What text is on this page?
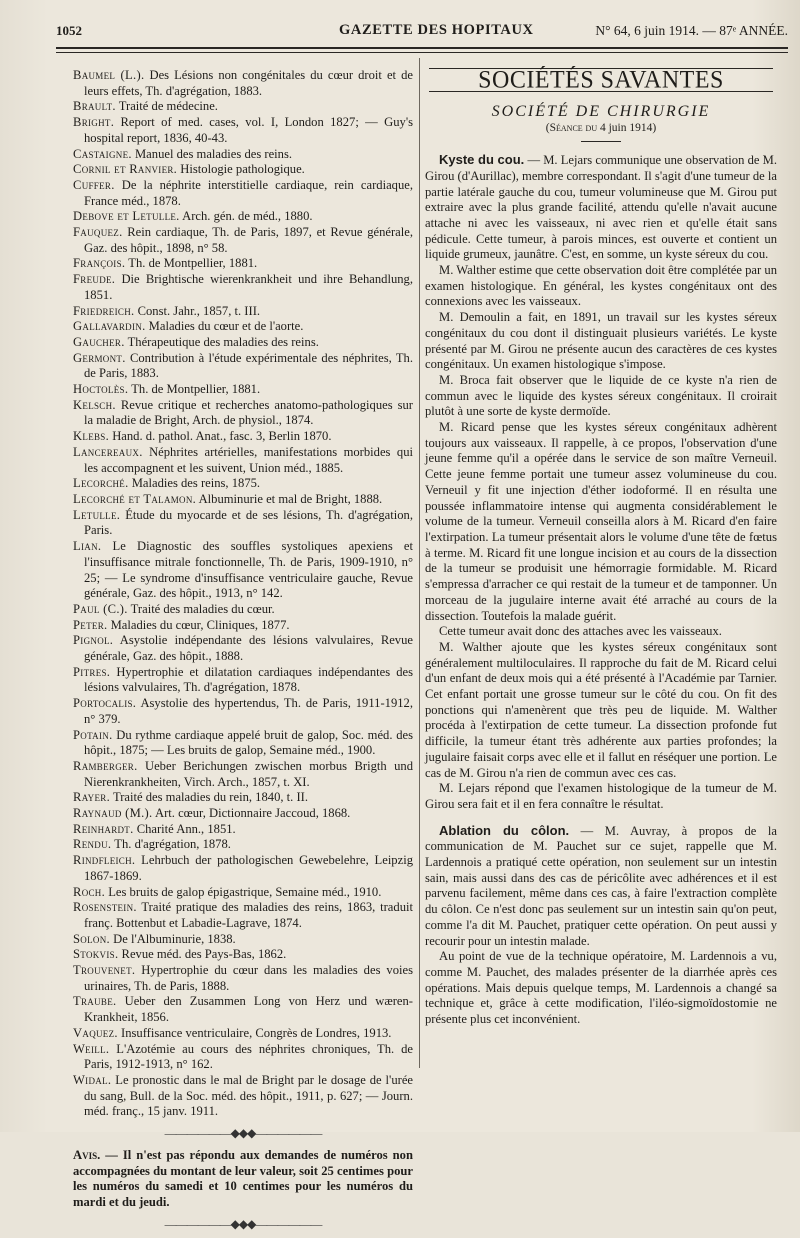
1052	GAZETTE DES HOPITAUX	N° 64, 6 juin 1914. — 87ᵉ ANNÉE.

Baumel (L.). Des Lésions non congénitales du cœur droit et de leurs effets, Th. d'agrégation, 1883.

Brault. Traité de médecine.

Bright. Report of med. cases, vol. I, London 1827; — Guy's hospital report, 1836, 40-43.

Castaigne. Manuel des maladies des reins.

Cornil et Ranvier. Histologie pathologique.

Cuffer. De la néphrite interstitielle cardiaque, rein cardiaque, France méd., 1878.

Debove et Letulle. Arch. gén. de méd., 1880.

Fauquez. Rein cardiaque, Th. de Paris, 1897, et Revue générale, Gaz. des hôpit., 1898, n° 58.

François. Th. de Montpellier, 1881.

Freude. Die Brightische wierenkrankheit und ihre Behandlung, 1851.

Friedreich. Const. Jahr., 1857, t. III.

Gallavardin. Maladies du cœur et de l'aorte.

Gaucher. Thérapeutique des maladies des reins.

Germont. Contribution à l'étude expérimentale des néphrites, Th. de Paris, 1883.

Hoctolès. Th. de Montpellier, 1881.

Kelsch. Revue critique et recherches anatomo-pathologiques sur la maladie de Bright, Arch. de physiol., 1874.

Klebs. Hand. d. pathol. Anat., fasc. 3, Berlin 1870.

Lancereaux. Néphrites artérielles, manifestations morbides qui les accompagnent et les suivent, Union méd., 1885.

Lecorché. Maladies des reins, 1875.

Lecorché et Talamon. Albuminurie et mal de Bright, 1888.

Letulle. Étude du myocarde et de ses lésions, Th. d'agrégation, Paris.

Lian. Le Diagnostic des souffles systoliques apexiens et l'insuffisance mitrale fonctionnelle, Th. de Paris, 1909-1910, n° 25; — Le syndrome d'insuffisance ventriculaire gauche, Revue générale, Gaz. des hôpit., 1913, n° 142.

Paul (C.). Traité des maladies du cœur.

Peter. Maladies du cœur, Cliniques, 1877.

Pignol. Asystolie indépendante des lésions valvulaires, Revue générale, Gaz. des hôpit., 1888.

Pitres. Hypertrophie et dilatation cardiaques indépendantes des lésions valvulaires, Th. d'agrégation, 1878.

Portocalis. Asystolie des hypertendus, Th. de Paris, 1911-1912, n° 379.

Potain. Du rythme cardiaque appelé bruit de galop, Soc. méd. des hôpit., 1875; — Les bruits de galop, Semaine méd., 1900.

Ramberger. Ueber Berichungen zwischen morbus Brigth und Nierenkrankheiten, Virch. Arch., 1857, t. XI.

Rayer. Traité des maladies du rein, 1840, t. II.

Raynaud (M.). Art. cœur, Dictionnaire Jaccoud, 1868.

Reinhardt. Charité Ann., 1851.

Rendu. Th. d'agrégation, 1878.

Rindfleich. Lehrbuch der pathologischen Gewebelehre, Leipzig 1867-1869.

Roch. Les bruits de galop épigastrique, Semaine méd., 1910.

Rosenstein. Traité pratique des maladies des reins, 1863, traduit franç. Bottenbut et Labadie-Lagrave, 1874.

Solon. De l'Albuminurie, 1838.

Stokvis. Revue méd. des Pays-Bas, 1862.

Trouvenet. Hypertrophie du cœur dans les maladies des voies urinaires, Th. de Paris, 1888.

Traube. Ueber den Zusammen Long von Herz und wæren-Krankheit, 1856.

Vaquez. Insuffisance ventriculaire, Congrès de Londres, 1913.

Weill. L'Azotémie au cours des néphrites chroniques, Th. de Paris, 1912-1913, n° 162.

Widal. Le pronostic dans le mal de Bright par le dosage de l'urée du sang, Bull. de la Soc. méd. des hôpit., 1911, p. 627; — Journ. méd. franç., 15 janv. 1911.

——————◆◆◆——————

Avis. — Il n'est pas répondu aux demandes de numéros non accompagnées du montant de leur valeur, soit 25 centimes pour les numéros du samedi et 10 centimes pour les numéros du mardi et du jeudi.

——————◆◆◆——————
SOCIÉTÉS SAVANTES
SOCIÉTÉ DE CHIRURGIE
(Séance du 4 juin 1914)

Kyste du cou. — M. Lejars communique une observation de M. Girou (d'Aurillac), membre correspondant. Il s'agit d'une tumeur de la partie latérale gauche du cou, tumeur volumineuse que M. Girou put extraire avec la plus grande facilité, attendu qu'elle n'avait aucune attache ni avec les vaisseaux, ni avec rien et qu'elle était sans pédicule. Cette tumeur, à parois minces, est ouverte et contient un liquide grumeux, jaunâtre. C'est, en somme, un kyste séreux du cou.

M. Walther estime que cette observation doit être complétée par un examen histologique. En général, les kystes congénitaux ont des connexions avec les vaisseaux.

M. Demoulin a fait, en 1891, un travail sur les kystes séreux congénitaux du cou dont il distinguait plusieurs variétés. Le kyste présenté par M. Girou ne présente aucun des caractères de ces kystes congénitaux. Un examen histologique s'impose.

M. Broca fait observer que le liquide de ce kyste n'a rien de commun avec le liquide des kystes séreux congénitaux. Il croirait plutôt à une sorte de kyste dermoïde.

M. Ricard pense que les kystes séreux congénitaux adhèrent toujours aux vaisseaux. Il rappelle, à ce propos, l'observation d'une jeune femme qu'il a opérée dans le service de son maître Verneuil. Cette jeune femme portait une tumeur assez volumineuse du cou. Verneuil y fit une injection d'éther iodoformé. Il en résulta une poussée inflammatoire intense qui augmenta considérablement le volume de la tumeur. Verneuil conseilla alors à M. Ricard d'en faire l'extirpation. La tumeur présentait alors le volume d'une tête de fœtus à terme. M. Ricard fit une longue incision et au cours de la dissection de la tumeur se produisit une hémorragie formidable. M. Ricard s'empressa d'arracher ce qui restait de la tumeur et de tamponner. Un morceau de la jugulaire interne avait été arraché au cours de la dissection. Toutefois la malade guérit.

Cette tumeur avait donc des attaches avec les vaisseaux.

M. Walther ajoute que les kystes séreux congénitaux sont généralement multiloculaires. Il rapproche du fait de M. Ricard celui d'un enfant de deux mois qui a été présenté à l'Académie par Tarnier. Cet enfant portait une grosse tumeur sur le côté du cou. On fit des ponctions qui n'amenèrent que très peu de liquide. M. Walther procéda à l'extirpation de cette tumeur. La dissection profonde fut difficile, la tumeur étant très adhérente aux parties profondes; la jugulaire faisait corps avec elle et il fallut en réséquer une portion. Le cas de M. Girou n'a rien de commun avec ces cas.

M. Lejars répond que l'examen histologique de la tumeur de M. Girou sera fait et il en fera connaître le résultat.

Ablation du côlon. — M. Auvray, à propos de la communication de M. Pauchet sur ce sujet, rappelle que M. Lardennois a pratiqué cette opération, non seulement sur un intestin sain, mais aussi dans des cas de péricôlite avec adhérences et il est parvenu facilement, même dans ces cas, à faire l'extraction complète du côlon. Ce n'est donc pas seulement sur un intestin sain qu'on peut, comme l'a dit M. Pauchet, pratiquer cette opération. On peut aussi y recourir pour un intestin malade.

Au point de vue de la technique opératoire, M. Lardennois a vu, comme M. Pauchet, des malades présenter de la diarrhée après ces opérations. Mais depuis quelque temps, M. Lardennois a changé sa technique et, grâce à cette modification, l'iléo-sigmoïdostomie ne présente plus cet inconvénient.
